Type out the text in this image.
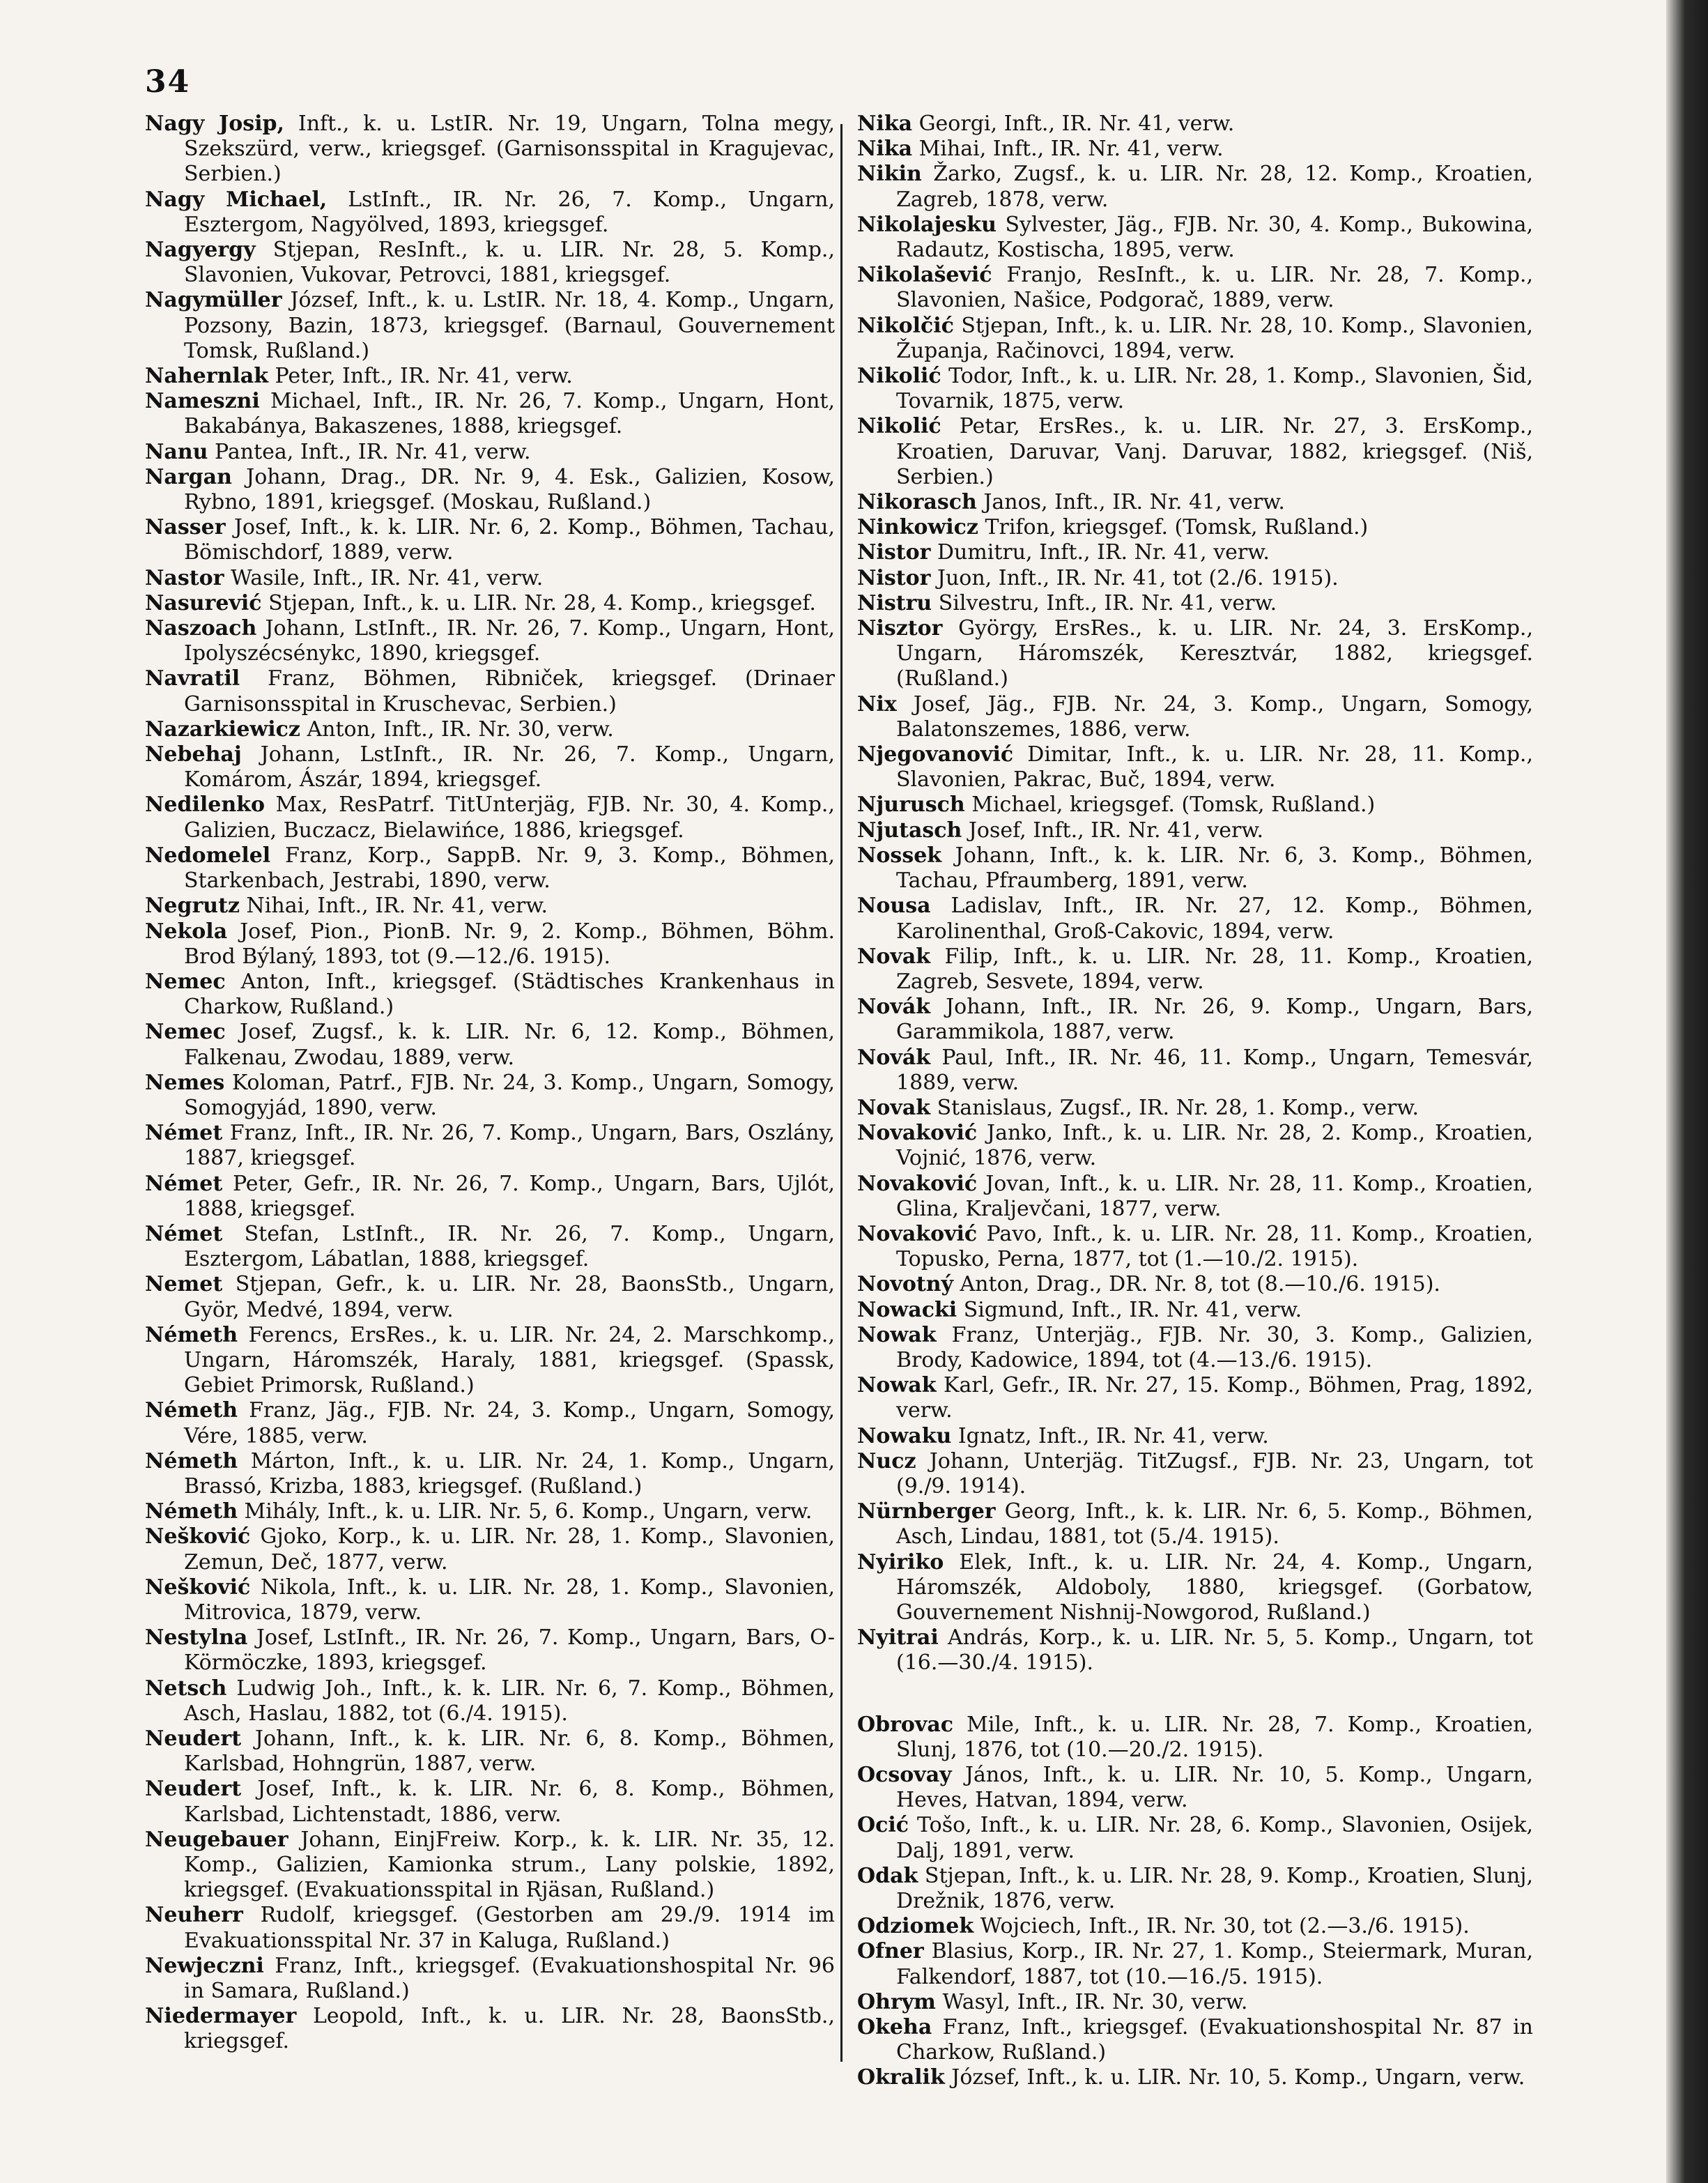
34

Nagy Josip, Inft., k. u. LstIR. Nr. 19, Ungarn, Tolna megy, Szekszürd, verw., kriegsgef. (Garnisonsspital in Kragujevac, Serbien.)

Nagy Michael, LstInft., IR. Nr. 26, 7. Komp., Ungarn, Esztergom, Nagyölved, 1893, kriegsgef.

Nagyergy Stjepan, ResInft., k. u. LIR. Nr. 28, 5. Komp., Slavonien, Vukovar, Petrovci, 1881, kriegsgef.

Nagymüller József, Inft., k. u. LstIR. Nr. 18, 4. Komp., Ungarn, Pozsony, Bazin, 1873, kriegsgef. (Barnaul, Gouvernement Tomsk, Rußland.)

Nahernlak Peter, Inft., IR. Nr. 41, verw.

Nameszni Michael, Inft., IR. Nr. 26, 7. Komp., Ungarn, Hont, Bakabánya, Bakaszenes, 1888, kriegsgef.

Nanu Pantea, Inft., IR. Nr. 41, verw.

Nargan Johann, Drag., DR. Nr. 9, 4. Esk., Galizien, Kosow, Rybno, 1891, kriegsgef. (Moskau, Rußland.)

Nasser Josef, Inft., k. k. LIR. Nr. 6, 2. Komp., Böhmen, Tachau, Bömischdorf, 1889, verw.

Nastor Wasile, Inft., IR. Nr. 41, verw.

Nasurević Stjepan, Inft., k. u. LIR. Nr. 28, 4. Komp., kriegsgef.

Naszoach Johann, LstInft., IR. Nr. 26, 7. Komp., Ungarn, Hont, Ipolyszécsénykc, 1890, kriegsgef.

Navratil Franz, Böhmen, Ribniček, kriegsgef. (Drinaer Garnisonsspital in Kruschevac, Serbien.)

Nazarkiewicz Anton, Inft., IR. Nr. 30, verw.

Nebehaj Johann, LstInft., IR. Nr. 26, 7. Komp., Ungarn, Komárom, Ászár, 1894, kriegsgef.

Nedilenko Max, ResPatrf. TitUnterjäg, FJB. Nr. 30, 4. Komp., Galizien, Buczacz, Bielawińce, 1886, kriegsgef.

Nedomelel Franz, Korp., SappB. Nr. 9, 3. Komp., Böhmen, Starkenbach, Jestrabi, 1890, verw.

Negrutz Nihai, Inft., IR. Nr. 41, verw.

Nekola Josef, Pion., PionB. Nr. 9, 2. Komp., Böhmen, Böhm. Brod Býlaný, 1893, tot (9.—12./6. 1915).

Nemec Anton, Inft., kriegsgef. (Städtisches Krankenhaus in Charkow, Rußland.)

Nemec Josef, Zugsf., k. k. LIR. Nr. 6, 12. Komp., Böhmen, Falkenau, Zwodau, 1889, verw.

Nemes Koloman, Patrf., FJB. Nr. 24, 3. Komp., Ungarn, Somogy, Somogyjád, 1890, verw.

Német Franz, Inft., IR. Nr. 26, 7. Komp., Ungarn, Bars, Oszlány, 1887, kriegsgef.

Német Peter, Gefr., IR. Nr. 26, 7. Komp., Ungarn, Bars, Ujlót, 1888, kriegsgef.

Német Stefan, LstInft., IR. Nr. 26, 7. Komp., Ungarn, Esztergom, Lábatlan, 1888, kriegsgef.

Nemet Stjepan, Gefr., k. u. LIR. Nr. 28, BaonsStb., Ungarn, Györ, Medvé, 1894, verw.

Németh Ferencs, ErsRes., k. u. LIR. Nr. 24, 2. Marschkomp., Ungarn, Háromszék, Haraly, 1881, kriegsgef. (Spassk, Gebiet Primorsk, Rußland.)

Németh Franz, Jäg., FJB. Nr. 24, 3. Komp., Ungarn, Somogy, Vére, 1885, verw.

Németh Márton, Inft., k. u. LIR. Nr. 24, 1. Komp., Ungarn, Brassó, Krizba, 1883, kriegsgef. (Rußland.)

Németh Mihály, Inft., k. u. LIR. Nr. 5, 6. Komp., Ungarn, verw.

Nešković Gjoko, Korp., k. u. LIR. Nr. 28, 1. Komp., Slavonien, Zemun, Deč, 1877, verw.

Nešković Nikola, Inft., k. u. LIR. Nr. 28, 1. Komp., Slavonien, Mitrovica, 1879, verw.

Nestylna Josef, LstInft., IR. Nr. 26, 7. Komp., Ungarn, Bars, O-Körmöczke, 1893, kriegsgef.

Netsch Ludwig Joh., Inft., k. k. LIR. Nr. 6, 7. Komp., Böhmen, Asch, Haslau, 1882, tot (6./4. 1915).

Neudert Johann, Inft., k. k. LIR. Nr. 6, 8. Komp., Böhmen, Karlsbad, Hohngrün, 1887, verw.

Neudert Josef, Inft., k. k. LIR. Nr. 6, 8. Komp., Böhmen, Karlsbad, Lichtenstadt, 1886, verw.

Neugebauer Johann, EinjFreiw. Korp., k. k. LIR. Nr. 35, 12. Komp., Galizien, Kamionka strum., Lany polskie, 1892, kriegsgef. (Evakuationsspital in Rjäsan, Rußland.)

Neuherr Rudolf, kriegsgef. (Gestorben am 29./9. 1914 im Evakuationsspital Nr. 37 in Kaluga, Rußland.)

Newjeczni Franz, Inft., kriegsgef. (Evakuationshospital Nr. 96 in Samara, Rußland.)

Niedermayer Leopold, Inft., k. u. LIR. Nr. 28, BaonsStb., kriegsgef.

Nika Georgi, Inft., IR. Nr. 41, verw.

Nika Mihai, Inft., IR. Nr. 41, verw.

Nikin Žarko, Zugsf., k. u. LIR. Nr. 28, 12. Komp., Kroatien, Zagreb, 1878, verw.

Nikolajesku Sylvester, Jäg., FJB. Nr. 30, 4. Komp., Bukowina, Radautz, Kostischa, 1895, verw.

Nikolašević Franjo, ResInft., k. u. LIR. Nr. 28, 7. Komp., Slavonien, Našice, Podgorač, 1889, verw.

Nikolčić Stjepan, Inft., k. u. LIR. Nr. 28, 10. Komp., Slavonien, Županja, Račinovci, 1894, verw.

Nikolić Todor, Inft., k. u. LIR. Nr. 28, 1. Komp., Slavonien, Šid, Tovarnik, 1875, verw.

Nikolić Petar, ErsRes., k. u. LIR. Nr. 27, 3. ErsKomp., Kroatien, Daruvar, Vanj. Daruvar, 1882, kriegsgef. (Niš, Serbien.)

Nikorasch Janos, Inft., IR. Nr. 41, verw.

Ninkowicz Trifon, kriegsgef. (Tomsk, Rußland.)

Nistor Dumitru, Inft., IR. Nr. 41, verw.

Nistor Juon, Inft., IR. Nr. 41, tot (2./6. 1915).

Nistru Silvestru, Inft., IR. Nr. 41, verw.

Nisztor György, ErsRes., k. u. LIR. Nr. 24, 3. ErsKomp., Ungarn, Háromszék, Keresztvár, 1882, kriegsgef. (Rußland.)

Nix Josef, Jäg., FJB. Nr. 24, 3. Komp., Ungarn, Somogy, Balatonszemes, 1886, verw.

Njegovanović Dimitar, Inft., k. u. LIR. Nr. 28, 11. Komp., Slavonien, Pakrac, Buč, 1894, verw.

Njurusch Michael, kriegsgef. (Tomsk, Rußland.)

Njutasch Josef, Inft., IR. Nr. 41, verw.

Nossek Johann, Inft., k. k. LIR. Nr. 6, 3. Komp., Böhmen, Tachau, Pfraumberg, 1891, verw.

Nousa Ladislav, Inft., IR. Nr. 27, 12. Komp., Böhmen, Karolinenthal, Groß-Cakovic, 1894, verw.

Novak Filip, Inft., k. u. LIR. Nr. 28, 11. Komp., Kroatien, Zagreb, Sesvete, 1894, verw.

Novák Johann, Inft., IR. Nr. 26, 9. Komp., Ungarn, Bars, Garammikola, 1887, verw.

Novák Paul, Inft., IR. Nr. 46, 11. Komp., Ungarn, Temesvár, 1889, verw.

Novak Stanislaus, Zugsf., IR. Nr. 28, 1. Komp., verw.

Novaković Janko, Inft., k. u. LIR. Nr. 28, 2. Komp., Kroatien, Vojnić, 1876, verw.

Novaković Jovan, Inft., k. u. LIR. Nr. 28, 11. Komp., Kroatien, Glina, Kraljevčani, 1877, verw.

Novaković Pavo, Inft., k. u. LIR. Nr. 28, 11. Komp., Kroatien, Topusko, Perna, 1877, tot (1.—10./2. 1915).

Novotný Anton, Drag., DR. Nr. 8, tot (8.—10./6. 1915).

Nowacki Sigmund, Inft., IR. Nr. 41, verw.

Nowak Franz, Unterjäg., FJB. Nr. 30, 3. Komp., Galizien, Brody, Kadowice, 1894, tot (4.—13./6. 1915).

Nowak Karl, Gefr., IR. Nr. 27, 15. Komp., Böhmen, Prag, 1892, verw.

Nowaku Ignatz, Inft., IR. Nr. 41, verw.

Nucz Johann, Unterjäg. TitZugsf., FJB. Nr. 23, Ungarn, tot (9./9. 1914).

Nürnberger Georg, Inft., k. k. LIR. Nr. 6, 5. Komp., Böhmen, Asch, Lindau, 1881, tot (5./4. 1915).

Nyiriko Elek, Inft., k. u. LIR. Nr. 24, 4. Komp., Ungarn, Háromszék, Aldoboly, 1880, kriegsgef. (Gorbatow, Gouvernement Nishnij-Nowgorod, Rußland.)

Nyitrai András, Korp., k. u. LIR. Nr. 5, 5. Komp., Ungarn, tot (16.—30./4. 1915).

Obrovac Mile, Inft., k. u. LIR. Nr. 28, 7. Komp., Kroatien, Slunj, 1876, tot (10.—20./2. 1915).

Ocsovay János, Inft., k. u. LIR. Nr. 10, 5. Komp., Ungarn, Heves, Hatvan, 1894, verw.

Ocić Tošo, Inft., k. u. LIR. Nr. 28, 6. Komp., Slavonien, Osijek, Dalj, 1891, verw.

Odak Stjepan, Inft., k. u. LIR. Nr. 28, 9. Komp., Kroatien, Slunj, Drežnik, 1876, verw.

Odziomek Wojciech, Inft., IR. Nr. 30, tot (2.—3./6. 1915).

Ofner Blasius, Korp., IR. Nr. 27, 1. Komp., Steiermark, Muran, Falkendorf, 1887, tot (10.—16./5. 1915).

Ohrym Wasyl, Inft., IR. Nr. 30, verw.

Okeha Franz, Inft., kriegsgef. (Evakuationshospital Nr. 87 in Charkow, Rußland.)

Okralik József, Inft., k. u. LIR. Nr. 10, 5. Komp., Ungarn, verw.
